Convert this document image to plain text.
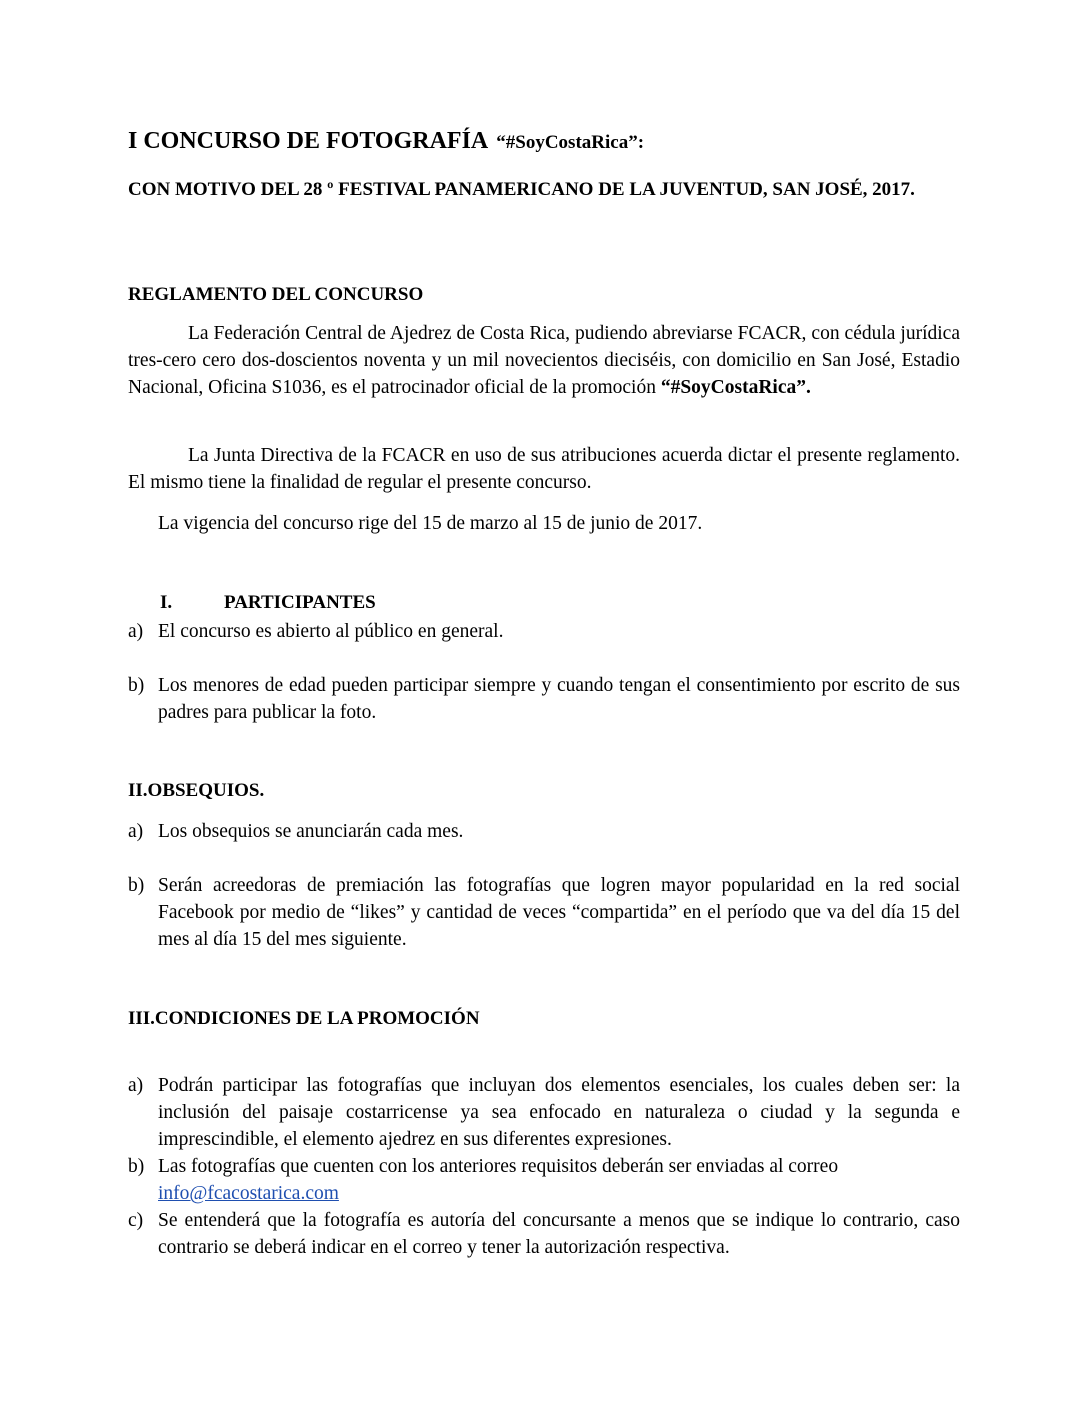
I CONCURSO DE FOTOGRAFÍA “#SoyCostaRica”:
CON MOTIVO DEL 28 º FESTIVAL PANAMERICANO DE LA JUVENTUD, SAN JOSÉ, 2017.
REGLAMENTO DEL CONCURSO
La Federación Central de Ajedrez de Costa Rica, pudiendo abreviarse FCACR, con cédula jurídica tres-cero cero dos-doscientos noventa y un mil novecientos dieciséis, con domicilio en San José, Estadio Nacional, Oficina S1036, es el patrocinador oficial de la promoción “#SoyCostaRica”.
La Junta Directiva de la FCACR en uso de sus atribuciones acuerda dictar el presente reglamento. El mismo tiene la finalidad de regular el presente concurso.
La vigencia del concurso rige del 15 de marzo al 15 de junio de 2017.
I.	PARTICIPANTES
a) El concurso es abierto al público en general.
b) Los menores de edad pueden participar siempre y cuando tengan el consentimiento por escrito de sus padres para publicar la foto.
II.OBSEQUIOS.
a) Los obsequios se anunciarán cada mes.
b) Serán acreedoras de premiación las fotografías que logren mayor popularidad en la red social Facebook por medio de “likes” y cantidad de veces “compartida” en el período que va del día 15 del mes al día 15 del mes siguiente.
III.CONDICIONES DE LA PROMOCIÓN
a) Podrán participar las fotografías que incluyan dos elementos esenciales, los cuales deben ser: la inclusión del paisaje costarricense ya sea enfocado en naturaleza o ciudad y la segunda e imprescindible, el elemento ajedrez en sus diferentes expresiones.
b) Las fotografías que cuenten con los anteriores requisitos deberán ser enviadas al correo
info@fcacostarica.com
c) Se entenderá que la fotografía es autoría del concursante a menos que se indique lo contrario, caso contrario se deberá indicar en el correo y tener la autorización respectiva.
